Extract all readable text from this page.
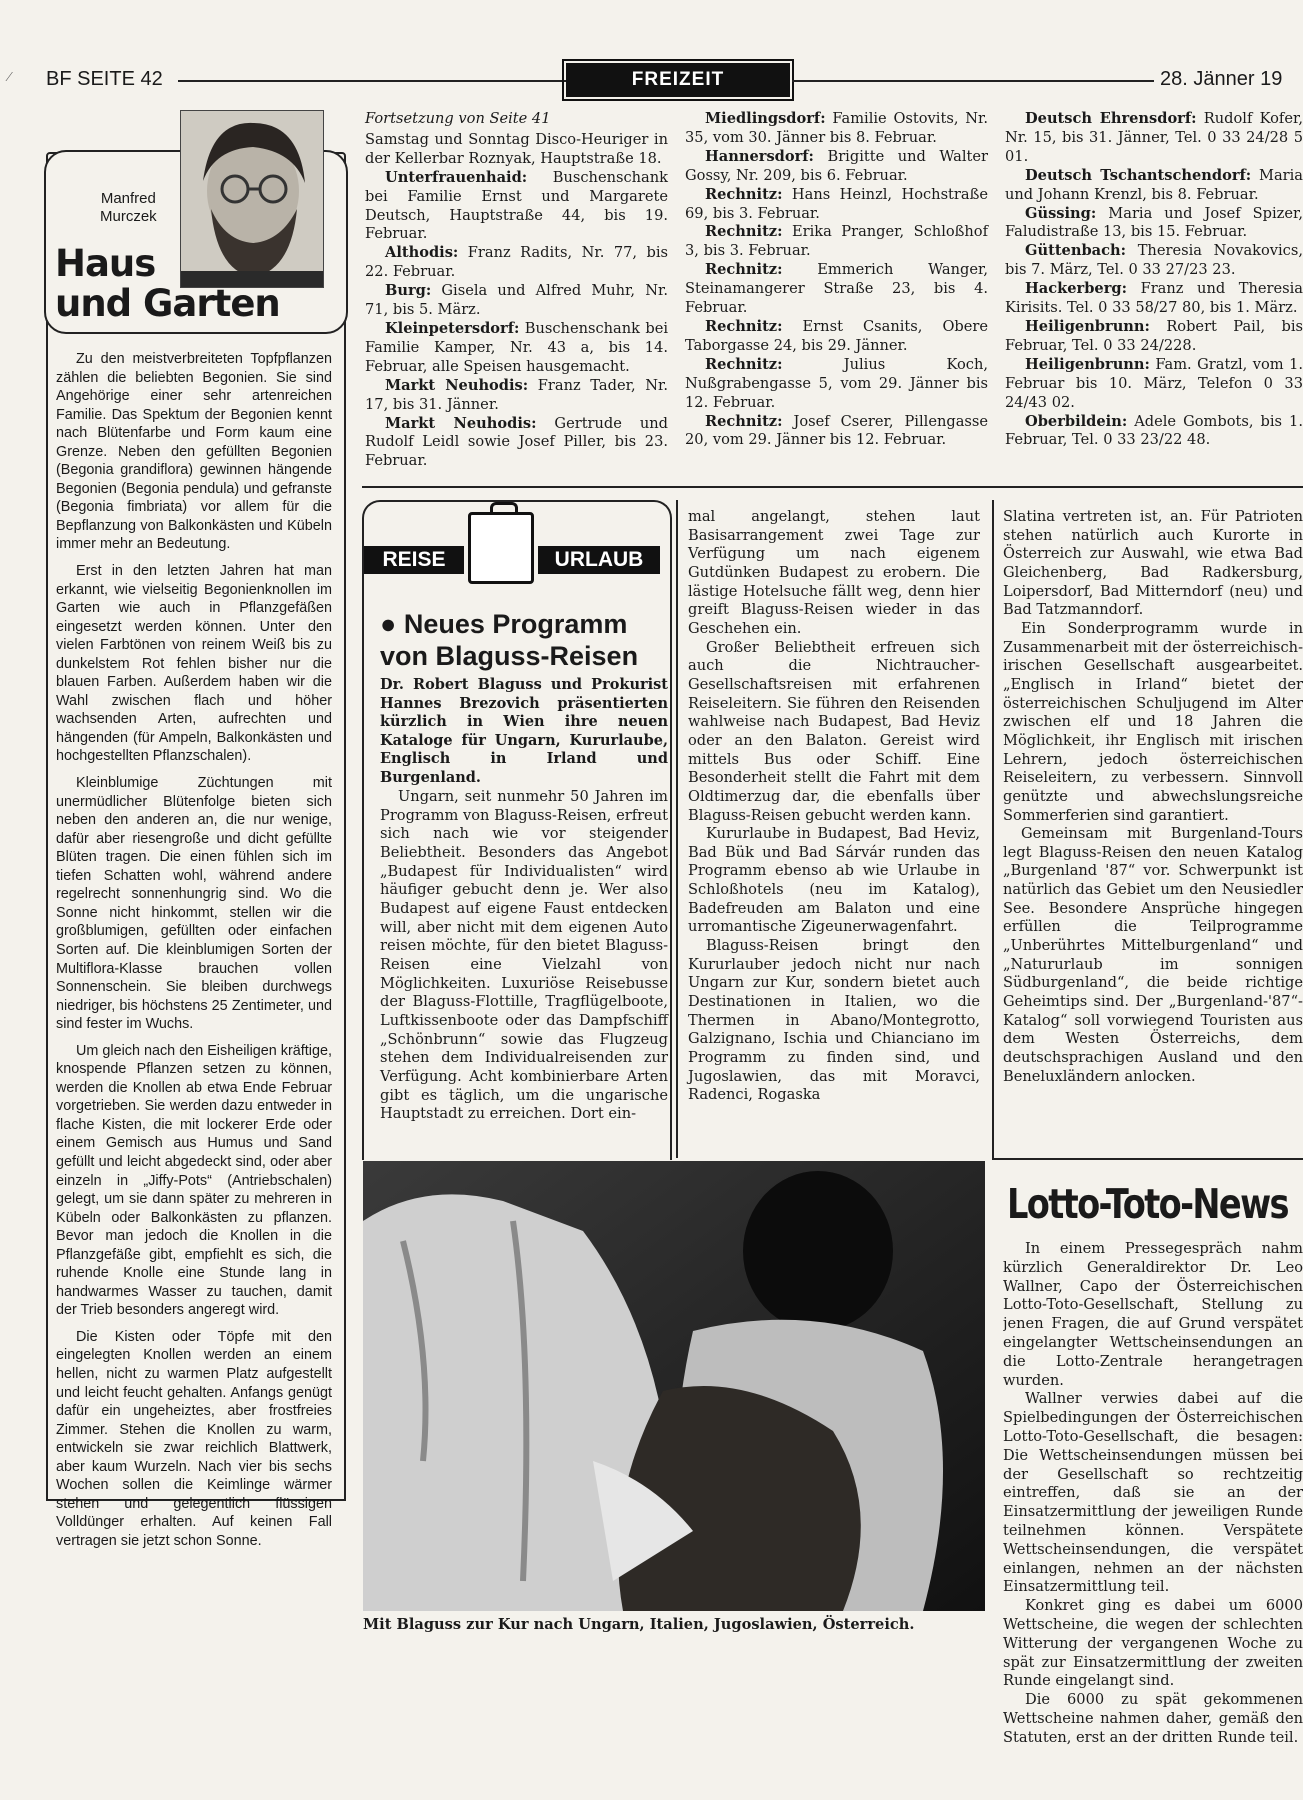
⁄ BF SEITE 42	FREIZEIT	28. Jänner 19
Manfred
Murczek
Haus
und Garten

Zu den meistverbreiteten Topfpflanzen zählen die beliebten Begonien. Sie sind Angehörige einer sehr artenreichen Familie. Das Spektum der Begonien kennt nach Blütenfarbe und Form kaum eine Grenze. Neben den gefüllten Begonien (Begonia grandiflora) gewinnen hängende Begonien (Begonia pendula) und gefranste (Begonia fimbriata) vor allem für die Bepflanzung von Balkonkästen und Kübeln immer mehr an Bedeutung.

Erst in den letzten Jahren hat man erkannt, wie vielseitig Begonienknollen im Garten wie auch in Pflanzgefäßen eingesetzt werden können. Unter den vielen Farbtönen von reinem Weiß bis zu dunkelstem Rot fehlen bisher nur die blauen Farben. Außerdem haben wir die Wahl zwischen flach und höher wachsenden Arten, aufrechten und hängenden (für Ampeln, Balkonkästen und hochgestellten Pflanzschalen).

Kleinblumige Züchtungen mit unermüdlicher Blütenfolge bieten sich neben den anderen an, die nur wenige, dafür aber riesengroße und dicht gefüllte Blüten tragen. Die einen fühlen sich im tiefen Schatten wohl, während andere regelrecht sonnenhungrig sind. Wo die Sonne nicht hinkommt, stellen wir die großblumigen, gefüllten oder einfachen Sorten auf. Die kleinblumigen Sorten der Multiflora-Klasse brauchen vollen Sonnenschein. Sie bleiben durchwegs niedriger, bis höchstens 25 Zentimeter, und sind fester im Wuchs.

Um gleich nach den Eisheiligen kräftige, knospende Pflanzen setzen zu können, werden die Knollen ab etwa Ende Februar vorgetrieben. Sie werden dazu entweder in flache Kisten, die mit lockerer Erde oder einem Gemisch aus Humus und Sand gefüllt und leicht abgedeckt sind, oder aber einzeln in „Jiffy-Pots“ (Antriebschalen) gelegt, um sie dann später zu mehreren in Kübeln oder Balkonkästen zu pflanzen. Bevor man jedoch die Knollen in die Pflanzgefäße gibt, empfiehlt es sich, die ruhende Knolle eine Stunde lang in handwarmes Wasser zu tauchen, damit der Trieb besonders angeregt wird.

Die Kisten oder Töpfe mit den eingelegten Knollen werden an einem hellen, nicht zu warmen Platz aufgestellt und leicht feucht gehalten. Anfangs genügt dafür ein ungeheiztes, aber frostfreies Zimmer. Stehen die Knollen zu warm, entwickeln sie zwar reichlich Blattwerk, aber kaum Wurzeln. Nach vier bis sechs Wochen sollen die Keimlinge wärmer stehen und gelegentlich flüssigen Volldünger erhalten. Auf keinen Fall vertragen sie jetzt schon Sonne.

Fortsetzung von Seite 41

Samstag und Sonntag Disco-Heuriger in der Kellerbar Roznyak, Hauptstraße 18.

Unterfrauenhaid: Buschenschank bei Familie Ernst und Margarete Deutsch, Hauptstraße 44, bis 19. Februar.

Althodis: Franz Radits, Nr. 77, bis 22. Februar.

Burg: Gisela und Alfred Muhr, Nr. 71, bis 5. März.

Kleinpetersdorf: Buschenschank bei Familie Kamper, Nr. 43 a, bis 14. Februar, alle Speisen hausgemacht.

Markt Neuhodis: Franz Tader, Nr. 17, bis 31. Jänner.

Markt Neuhodis: Gertrude und Rudolf Leidl sowie Josef Piller, bis 23. Februar.

Miedlingsdorf: Familie Ostovits, Nr. 35, vom 30. Jänner bis 8. Februar.

Hannersdorf: Brigitte und Walter Gossy, Nr. 209, bis 6. Februar.

Rechnitz: Hans Heinzl, Hochstraße 69, bis 3. Februar.

Rechnitz: Erika Pranger, Schloßhof 3, bis 3. Februar.

Rechnitz: Emmerich Wanger, Steinamangerer Straße 23, bis 4. Februar.

Rechnitz: Ernst Csanits, Obere Taborgasse 24, bis 29. Jänner.

Rechnitz:	Julius Koch, Nußgrabengasse 5, vom 29. Jänner bis 12. Februar.

Rechnitz: Josef Cserer, Pillengasse 20, vom 29. Jänner bis 12. Februar.

Deutsch Ehrensdorf: Rudolf Kofer, Nr. 15, bis 31. Jänner, Tel. 0 33 24/28 5 01.

Deutsch Tschantschendorf: Maria und Johann Krenzl, bis 8. Februar.

Güssing: Maria und Josef Spizer, Faludistraße 13, bis 15. Februar.

Güttenbach: Theresia Novakovics, bis 7. März, Tel. 0 33 27/23 23.

Hackerberg: Franz und Theresia Kirisits. Tel. 0 33 58/27 80, bis 1. März.

Heiligenbrunn: Robert Pail, bis Februar, Tel. 0 33 24/228.

Heiligenbrunn: Fam. Gratzl, vom 1. Februar bis 10. März, Telefon 0 33 24/43 02.

Oberbildein: Adele Gombots, bis 1. Februar, Tel. 0 33 23/22 48.

REISE	URLAUB
● Neues Programm von Blaguss-Reisen
Dr. Robert Blaguss und Prokurist Hannes Brezovich präsentierten kürzlich in Wien ihre neuen Kataloge für Ungarn, Kururlaube, Englisch in Irland und Burgenland.

Ungarn, seit nunmehr 50 Jahren im Programm von Blaguss-Reisen, erfreut sich nach wie vor steigender Beliebtheit. Besonders das Angebot „Budapest für Individualisten“ wird häufiger gebucht denn je. Wer also Budapest auf eigene Faust entdecken will, aber nicht mit dem eigenen Auto reisen möchte, für den bietet Blaguss-Reisen eine Vielzahl von Möglichkeiten. Luxuriöse Reisebusse der Blaguss-Flottille, Tragflügelboote, Luftkissenboote oder das Dampfschiff „Schönbrunn“ sowie das Flugzeug stehen dem Individualreisenden zur Verfügung. Acht kombinierbare Arten gibt es täglich, um die ungarische Hauptstadt zu erreichen. Dort ein-

mal angelangt, stehen laut Basisarrangement zwei Tage zur Verfügung um nach eigenem Gutdünken Budapest zu erobern. Die lästige Hotelsuche fällt weg, denn hier greift Blaguss-Reisen wieder in das Geschehen ein.

Großer Beliebtheit erfreuen sich auch die Nichtraucher-Gesellschaftsreisen mit erfahrenen Reiseleitern. Sie führen den Reisenden wahlweise nach Budapest, Bad Heviz oder an den Balaton. Gereist wird mittels Bus oder Schiff. Eine Besonderheit stellt die Fahrt mit dem Oldtimerzug dar, die ebenfalls über Blaguss-Reisen gebucht werden kann.

Kururlaube in Budapest, Bad Heviz, Bad Bük und Bad Sárvár runden das Programm ebenso ab wie Urlaube in Schloßhotels (neu im Katalog), Badefreuden am Balaton und eine urromantische Zigeunerwagenfahrt.

Blaguss-Reisen bringt den Kururlauber jedoch nicht nur nach Ungarn zur Kur, sondern bietet auch Destinationen in Italien, wo die Thermen in Abano/Montegrotto, Galzignano, Ischia und Chianciano im Programm zu finden sind, und Jugoslawien, das mit Moravci, Radenci, Rogaska

Slatina vertreten ist, an. Für Patrioten stehen natürlich auch Kurorte in Österreich zur Auswahl, wie etwa Bad Gleichenberg, Bad Radkersburg, Loipersdorf, Bad Mitterndorf (neu) und Bad Tatzmanndorf.

Ein Sonderprogramm wurde in Zusammenarbeit mit der österreichisch-irischen Gesellschaft ausgearbeitet. „Englisch in Irland“ bietet der österreichischen Schuljugend im Alter zwischen elf und 18 Jahren die Möglichkeit, ihr Englisch mit irischen Lehrern, jedoch österreichischen Reiseleitern, zu verbessern. Sinnvoll genützte und abwechslungsreiche Sommerferien sind garantiert.

Gemeinsam mit Burgenland-Tours legt Blaguss-Reisen den neuen Katalog „Burgenland '87“ vor. Schwerpunkt ist natürlich das Gebiet um den Neusiedler See. Besondere Ansprüche hingegen erfüllen die Teilprogramme „Unberührtes Mittelburgenland“ und „Natururlaub im sonnigen Südburgenland“, die beide richtige Geheimtips sind. Der „Burgenland-'87“-Katalog“ soll vorwiegend Touristen aus dem Westen Österreichs, dem deutschsprachigen Ausland und den Beneluxländern anlocken.

Mit Blaguss zur Kur nach Ungarn, Italien, Jugoslawien, Österreich.
Lotto-Toto-News

In einem Pressegespräch nahm kürzlich Generaldirektor Dr. Leo Wallner, Capo der Österreichischen Lotto-Toto-Gesellschaft, Stellung zu jenen Fragen, die auf Grund verspätet eingelangter Wettscheinsendungen an die Lotto-Zentrale herangetragen wurden.

Wallner verwies dabei auf die Spielbedingungen der Österreichischen Lotto-Toto-Gesellschaft, die besagen: Die Wettscheinsendungen müssen bei der Gesellschaft so rechtzeitig eintreffen, daß sie an der Einsatzermittlung der jeweiligen Runde teilnehmen können. Verspätete Wettscheinsendungen, die verspätet einlangen, nehmen an der nächsten Einsatzermittlung teil.

Konkret ging es dabei um 6000 Wettscheine, die wegen der schlechten Witterung der vergangenen Woche zu spät zur Einsatzermittlung der zweiten Runde eingelangt sind.

Die 6000 zu spät gekommenen Wettscheine nahmen daher, gemäß den Statuten, erst an der dritten Runde teil.
